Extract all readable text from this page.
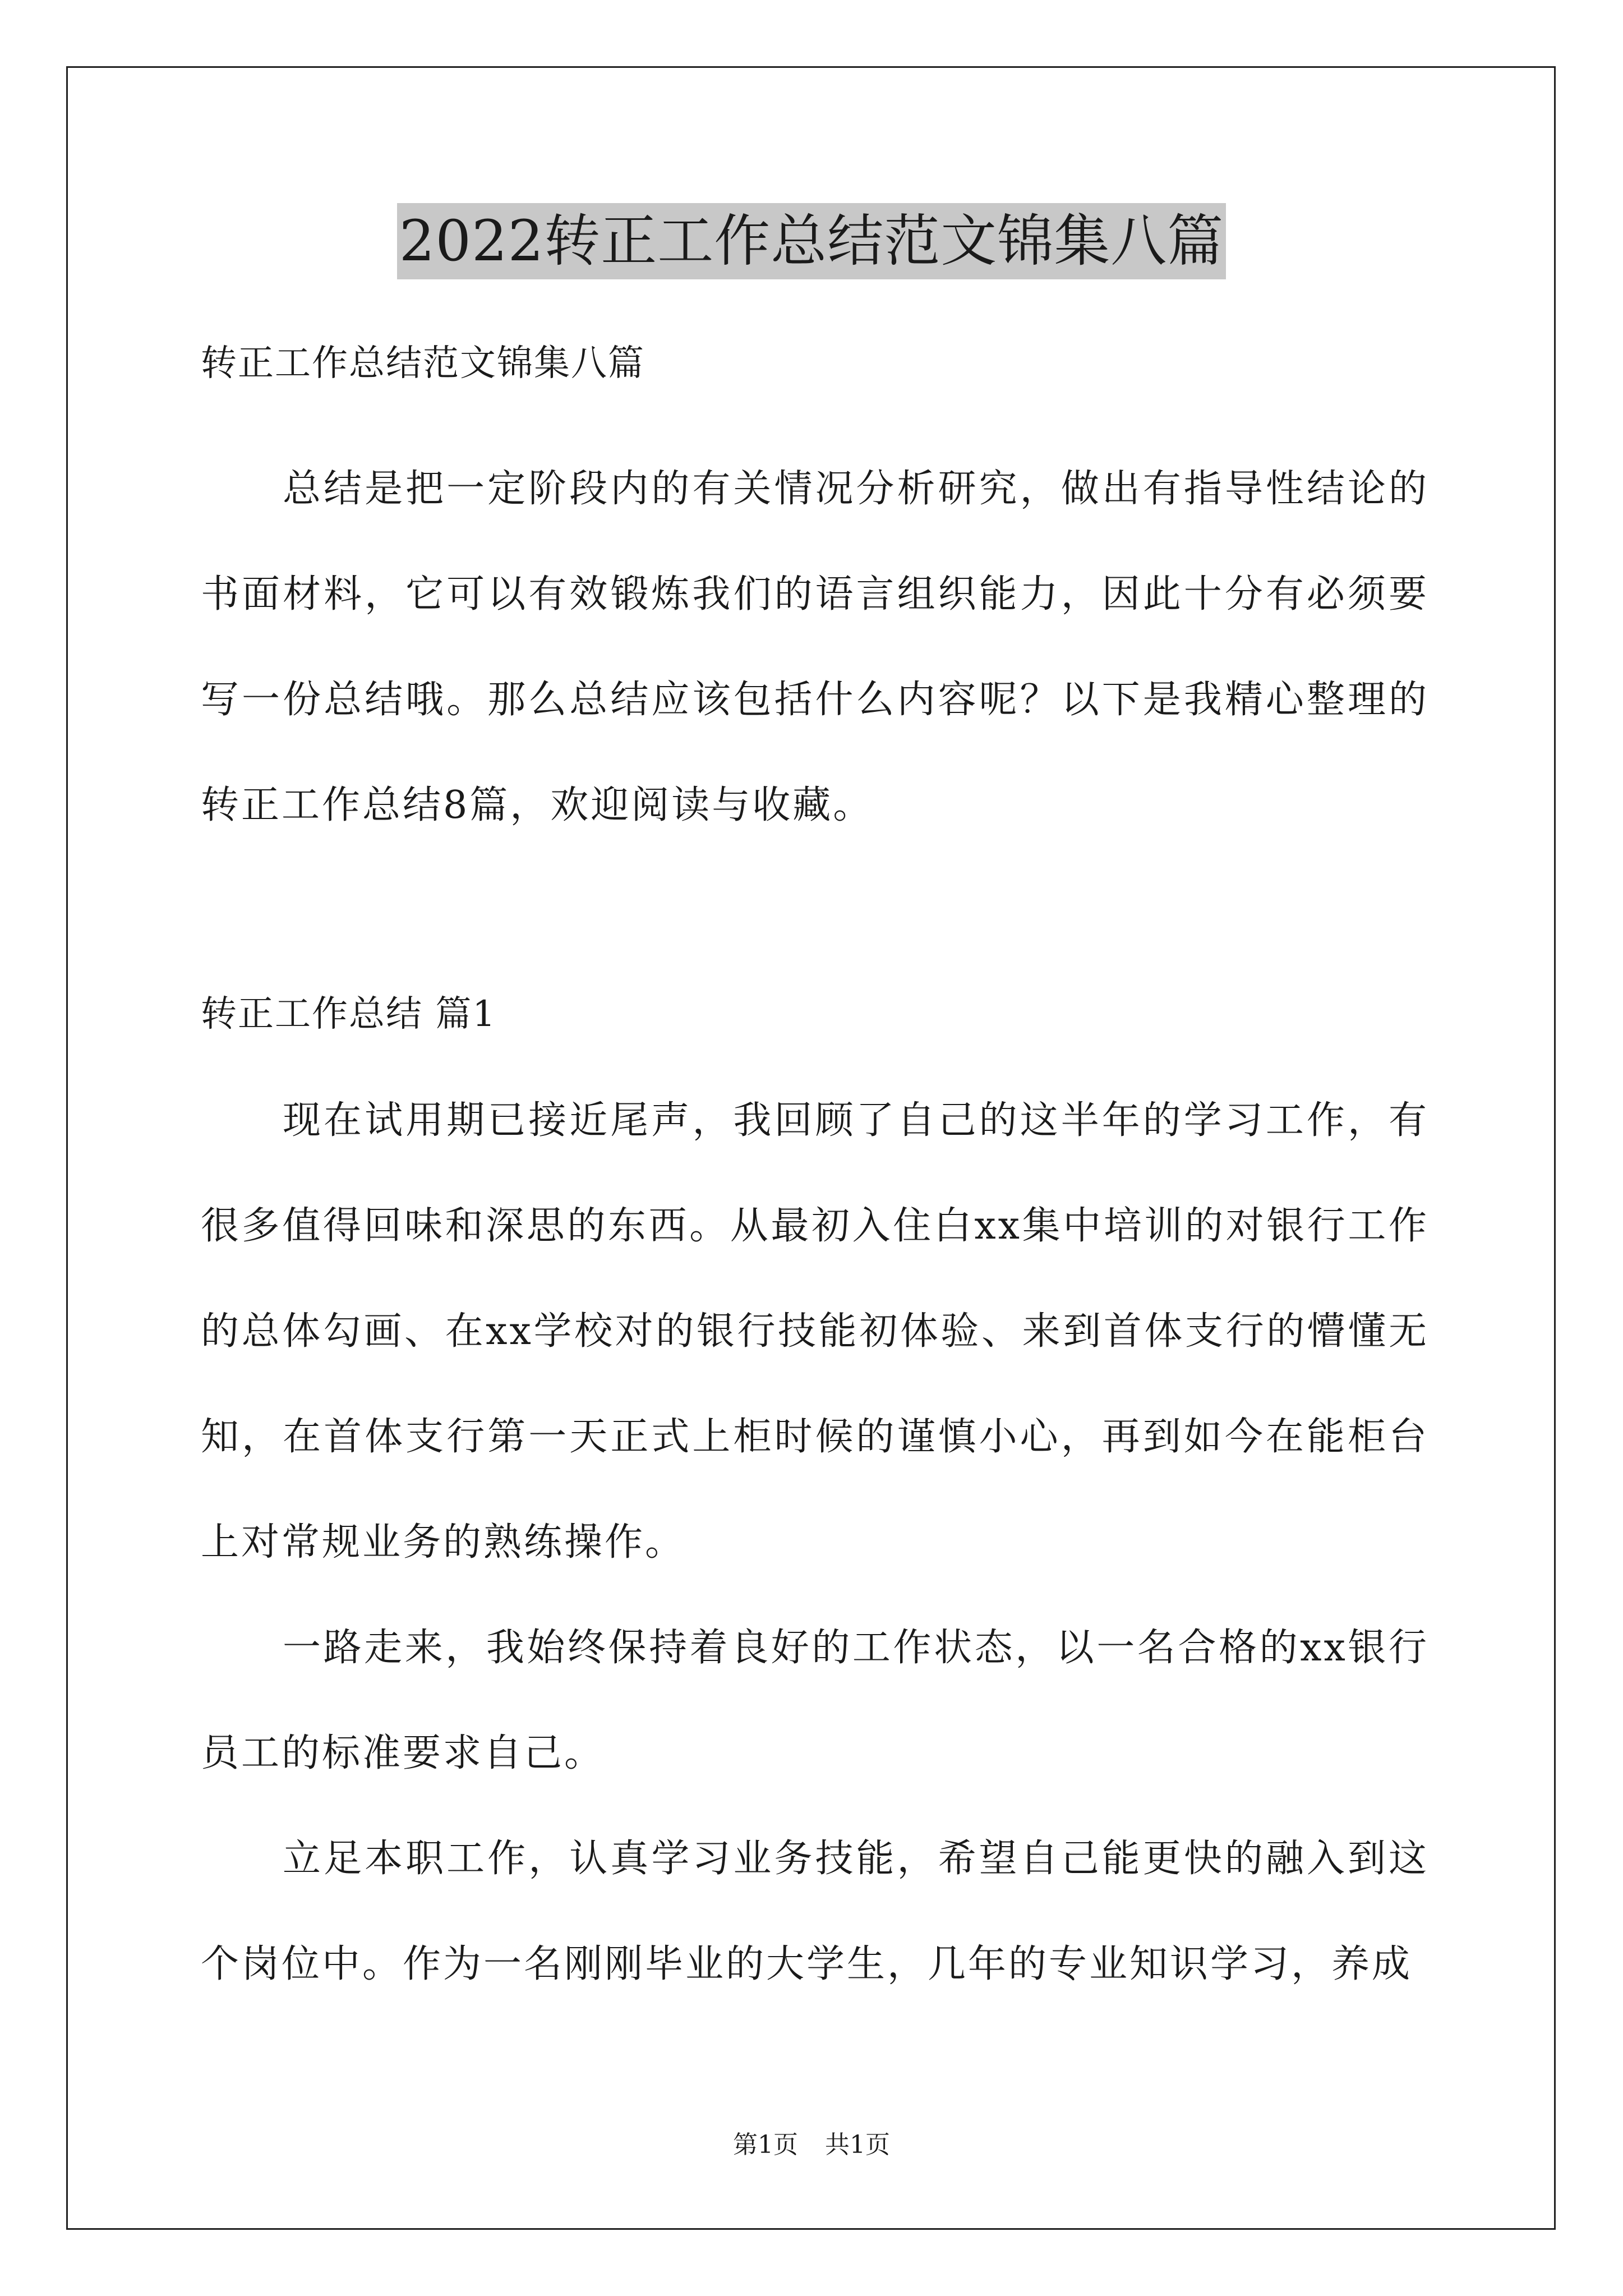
2022转正工作总结范文锦集八篇

转正工作总结范文锦集八篇

总结是把一定阶段内的有关情况分析研究，做出有指导性结论的书面材料，它可以有效锻炼我们的语言组织能力，因此十分有必须要写一份总结哦。那么总结应该包括什么内容呢？以下是我精心整理的转正工作总结8篇，欢迎阅读与收藏。

转正工作总结 篇1

现在试用期已接近尾声，我回顾了自己的这半年的学习工作，有很多值得回味和深思的东西。从最初入住白xx集中培训的对银行工作的总体勾画、在xx学校对的银行技能初体验、来到首体支行的懵懂无知，在首体支行第一天正式上柜时候的谨慎小心，再到如今在能柜台上对常规业务的熟练操作。

一路走来，我始终保持着良好的工作状态，以一名合格的xx银行员工的标准要求自己。

立足本职工作，认真学习业务技能，希望自己能更快的融入到这个岗位中。作为一名刚刚毕业的大学生，几年的专业知识学习，养成

第1页 共1页
